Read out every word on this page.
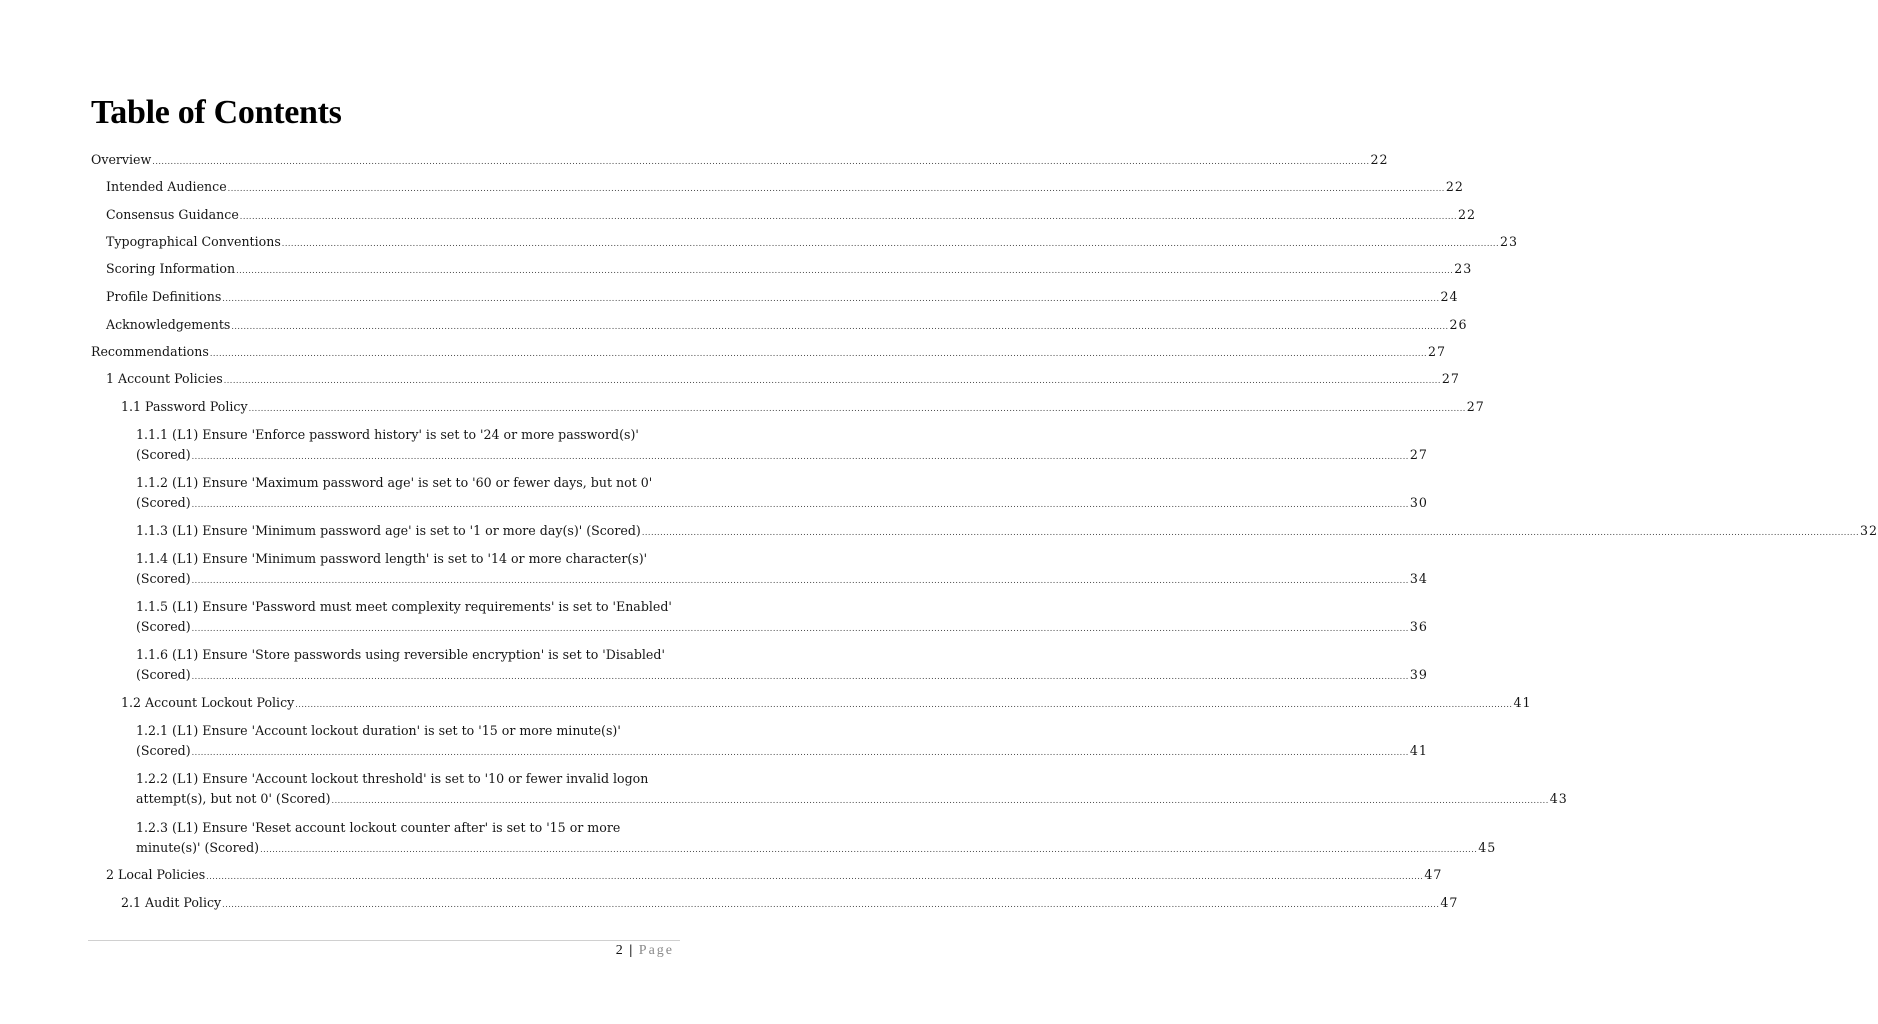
Table of Contents
Overview ................................................................................................................................................................................................................................................................................................................................................................................................................ 22
Intended Audience ................................................................................................................................................................................................................................................................................................................................................................................................................ 22
Consensus Guidance ................................................................................................................................................................................................................................................................................................................................................................................................................ 22
Typographical Conventions ................................................................................................................................................................................................................................................................................................................................................................................................................ 23
Scoring Information ................................................................................................................................................................................................................................................................................................................................................................................................................ 23
Profile Definitions ................................................................................................................................................................................................................................................................................................................................................................................................................ 24
Acknowledgements ................................................................................................................................................................................................................................................................................................................................................................................................................ 26
Recommendations ................................................................................................................................................................................................................................................................................................................................................................................................................ 27
1 Account Policies ................................................................................................................................................................................................................................................................................................................................................................................................................ 27
1.1 Password Policy ................................................................................................................................................................................................................................................................................................................................................................................................................ 27
1.1.1 (L1) Ensure 'Enforce password history' is set to '24 or more password(s)'
(Scored) ................................................................................................................................................................................................................................................................................................................................................................................................................ 27
1.1.2 (L1) Ensure 'Maximum password age' is set to '60 or fewer days, but not 0'
(Scored) ................................................................................................................................................................................................................................................................................................................................................................................................................ 30
1.1.3 (L1) Ensure 'Minimum password age' is set to '1 or more day(s)' (Scored) ................................................................................................................................................................................................................................................................................................................................................................................................................ 32
1.1.4 (L1) Ensure 'Minimum password length' is set to '14 or more character(s)'
(Scored) ................................................................................................................................................................................................................................................................................................................................................................................................................ 34
1.1.5 (L1) Ensure 'Password must meet complexity requirements' is set to 'Enabled'
(Scored) ................................................................................................................................................................................................................................................................................................................................................................................................................ 36
1.1.6 (L1) Ensure 'Store passwords using reversible encryption' is set to 'Disabled'
(Scored) ................................................................................................................................................................................................................................................................................................................................................................................................................ 39
1.2 Account Lockout Policy ................................................................................................................................................................................................................................................................................................................................................................................................................ 41
1.2.1 (L1) Ensure 'Account lockout duration' is set to '15 or more minute(s)'
(Scored) ................................................................................................................................................................................................................................................................................................................................................................................................................ 41
1.2.2 (L1) Ensure 'Account lockout threshold' is set to '10 or fewer invalid logon
attempt(s), but not 0' (Scored) ................................................................................................................................................................................................................................................................................................................................................................................................................ 43
1.2.3 (L1) Ensure 'Reset account lockout counter after' is set to '15 or more
minute(s)' (Scored) ................................................................................................................................................................................................................................................................................................................................................................................................................ 45
2 Local Policies ................................................................................................................................................................................................................................................................................................................................................................................................................ 47
2.1 Audit Policy ................................................................................................................................................................................................................................................................................................................................................................................................................ 47
2 | Page
